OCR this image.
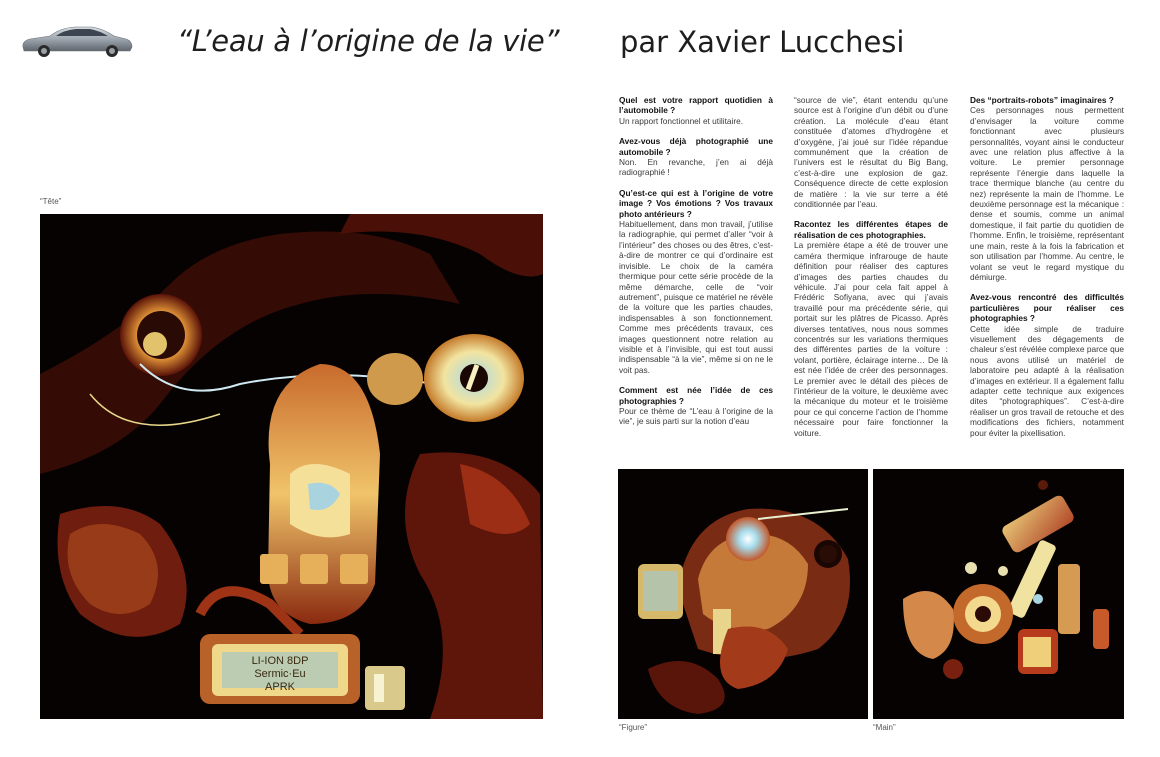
“L’eau à l’origine de la vie” par Xavier Lucchesi
“Tête”
LI-ION 8DP
Sermic·Eu
APRK
Quel est votre rapport quotidien à l’automobile ?

Un rapport fonctionnel et utilitaire.

Avez-vous déjà photographié une automobile ?

Non. En revanche, j’en ai déjà radiographié !

Qu’est-ce qui est à l’origine de votre image ? Vos émotions ? Vos travaux photo antérieurs ?

Habituellement, dans mon travail, j’utilise la radiographie, qui permet d’aller “voir à l’intérieur” des choses ou des êtres, c’est-à-dire de montrer ce qui d’ordinaire est invisible. Le choix de la caméra thermique pour cette série procède de la même démarche, celle de “voir autrement”, puisque ce matériel ne révèle de la voiture que les parties chaudes, indispensables à son fonctionnement. Comme mes précédents travaux, ces images questionnent notre relation au visible et à l’invisible, qui est tout aussi indispensable “à la vie”, même si on ne le voit pas.

Comment est née l’idée de ces photographies ?

Pour ce thème de “L’eau à l’origine de la vie”, je suis parti sur la notion d’eau

“source de vie”, étant entendu qu’une source est à l’origine d’un débit ou d’une création. La molécule d’eau étant constituée d’atomes d’hydrogène et d’oxygène, j’ai joué sur l’idée répandue communément que la création de l’univers est le résultat du Big Bang, c’est-à-dire une explosion de gaz. Conséquence directe de cette explosion de matière : la vie sur terre a été conditionnée par l’eau.

Racontez les différentes étapes de réalisation de ces photographies.

La première étape a été de trouver une caméra thermique infrarouge de haute définition pour réaliser des captures d’images des parties chaudes du véhicule. J’ai pour cela fait appel à Frédéric Sofiyana, avec qui j’avais travaillé pour ma précédente série, qui portait sur les plâtres de Picasso. Après diverses tentatives, nous nous sommes concentrés sur les variations thermiques des différentes parties de la voiture : volant, portière, éclairage interne… De là est née l’idée de créer des personnages. Le premier avec le détail des pièces de l’intérieur de la voiture, le deuxième avec la mécanique du moteur et le troisième pour ce qui concerne l’action de l’homme nécessaire pour faire fonctionner la voiture.

Des “portraits-robots” imaginaires ?

Ces personnages nous permettent d’envisager la voiture comme fonctionnant avec plusieurs personnalités, voyant ainsi le conducteur avec une relation plus affective à la voiture. Le premier personnage représente l’énergie dans laquelle la trace thermique blanche (au centre du nez) représente la main de l’homme. Le deuxième personnage est la mécanique : dense et soumis, comme un animal domestique, il fait partie du quotidien de l’homme. Enfin, le troisième, représentant une main, reste à la fois la fabrication et son utilisation par l’homme. Au centre, le volant se veut le regard mystique du démiurge.

Avez-vous rencontré des difficultés particulières pour réaliser ces photographies ?

Cette idée simple de traduire visuellement des dégagements de chaleur s’est révélée complexe parce que nous avons utilisé un matériel de laboratoire peu adapté à la réalisation d’images en extérieur. Il a également fallu adapter cette technique aux exigences dites “photographiques”. C’est-à-dire réaliser un gros travail de retouche et des modifications des fichiers, notamment pour éviter la pixellisation.

“Figure”	“Main”
